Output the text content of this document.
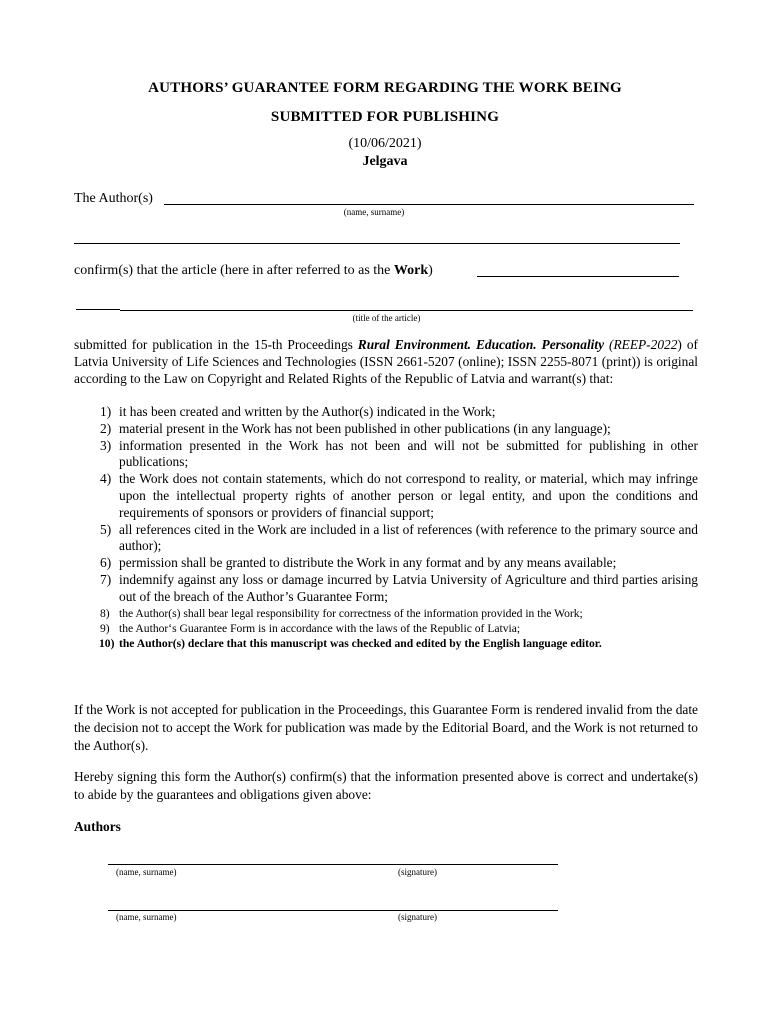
AUTHORS’ GUARANTEE FORM REGARDING THE WORK BEING
SUBMITTED FOR PUBLISHING
(10/06/2021)
Jelgava
The Author(s)
(name, surname)
confirm(s) that the article (here in after referred to as the Work)
(title of the article)
submitted for publication in the 15-th Proceedings Rural Environment. Education. Personality (REEP-2022) of Latvia University of Life Sciences and Technologies (ISSN 2661-5207 (online); ISSN 2255-8071 (print)) is original according to the Law on Copyright and Related Rights of the Republic of Latvia and warrant(s) that:
1) it has been created and written by the Author(s) indicated in the Work;
2) material present in the Work has not been published in other publications (in any language);
3) information presented in the Work has not been and will not be submitted for publishing in other publications;
4) the Work does not contain statements, which do not correspond to reality, or material, which may infringe upon the intellectual property rights of another person or legal entity, and upon the conditions and requirements of sponsors or providers of financial support;
5) all references cited in the Work are included in a list of references (with reference to the primary source and author);
6) permission shall be granted to distribute the Work in any format and by any means available;
7) indemnify against any loss or damage incurred by Latvia University of Agriculture and third parties arising out of the breach of the Author’s Guarantee Form;
8) the Author(s) shall bear legal responsibility for correctness of the information provided in the Work;
9) the Author‘s Guarantee Form is in accordance with the laws of the Republic of Latvia;
10) the Author(s) declare that this manuscript was checked and edited by the English language editor.
If the Work is not accepted for publication in the Proceedings, this Guarantee Form is rendered invalid from the date the decision not to accept the Work for publication was made by the Editorial Board, and the Work is not returned to the Author(s).
Hereby signing this form the Author(s) confirm(s) that the information presented above is correct and undertake(s) to abide by the guarantees and obligations given above:
Authors
(name, surname)	(signature)
(name, surname)	(signature)
